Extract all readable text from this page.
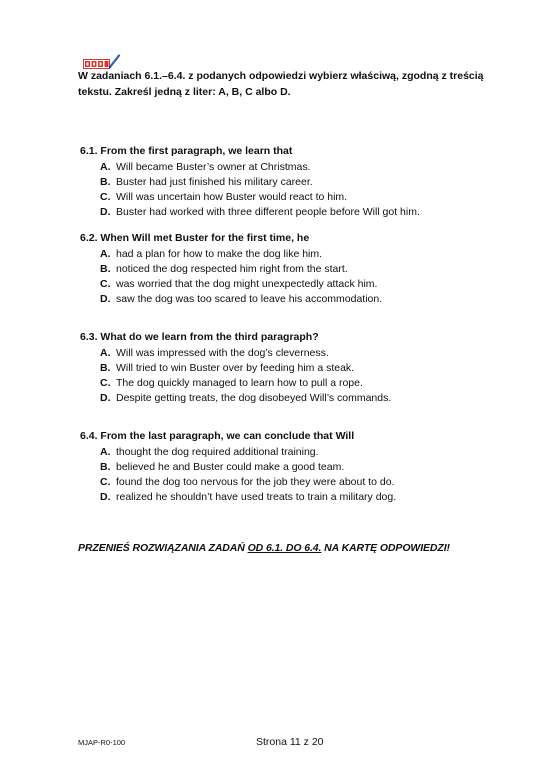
W zadaniach 6.1.–6.4. z podanych odpowiedzi wybierz właściwą, zgodną z treścią tekstu. Zakreśl jedną z liter: A, B, C albo D.
6.1. From the first paragraph, we learn that
A. Will became Buster’s owner at Christmas.
B. Buster had just finished his military career.
C. Will was uncertain how Buster would react to him.
D. Buster had worked with three different people before Will got him.
6.2. When Will met Buster for the first time, he
A. had a plan for how to make the dog like him.
B. noticed the dog respected him right from the start.
C. was worried that the dog might unexpectedly attack him.
D. saw the dog was too scared to leave his accommodation.
6.3. What do we learn from the third paragraph?
A. Will was impressed with the dog’s cleverness.
B. Will tried to win Buster over by feeding him a steak.
C. The dog quickly managed to learn how to pull a rope.
D. Despite getting treats, the dog disobeyed Will’s commands.
6.4. From the last paragraph, we can conclude that Will
A. thought the dog required additional training.
B. believed he and Buster could make a good team.
C. found the dog too nervous for the job they were about to do.
D. realized he shouldn’t have used treats to train a military dog.
PRZENIEŚ ROZWIĄZANIA ZADAŃ OD 6.1. DO 6.4. NA KARTĘ ODPOWIEDZI!
MJAP-R0-100	Strona 11 z 20
